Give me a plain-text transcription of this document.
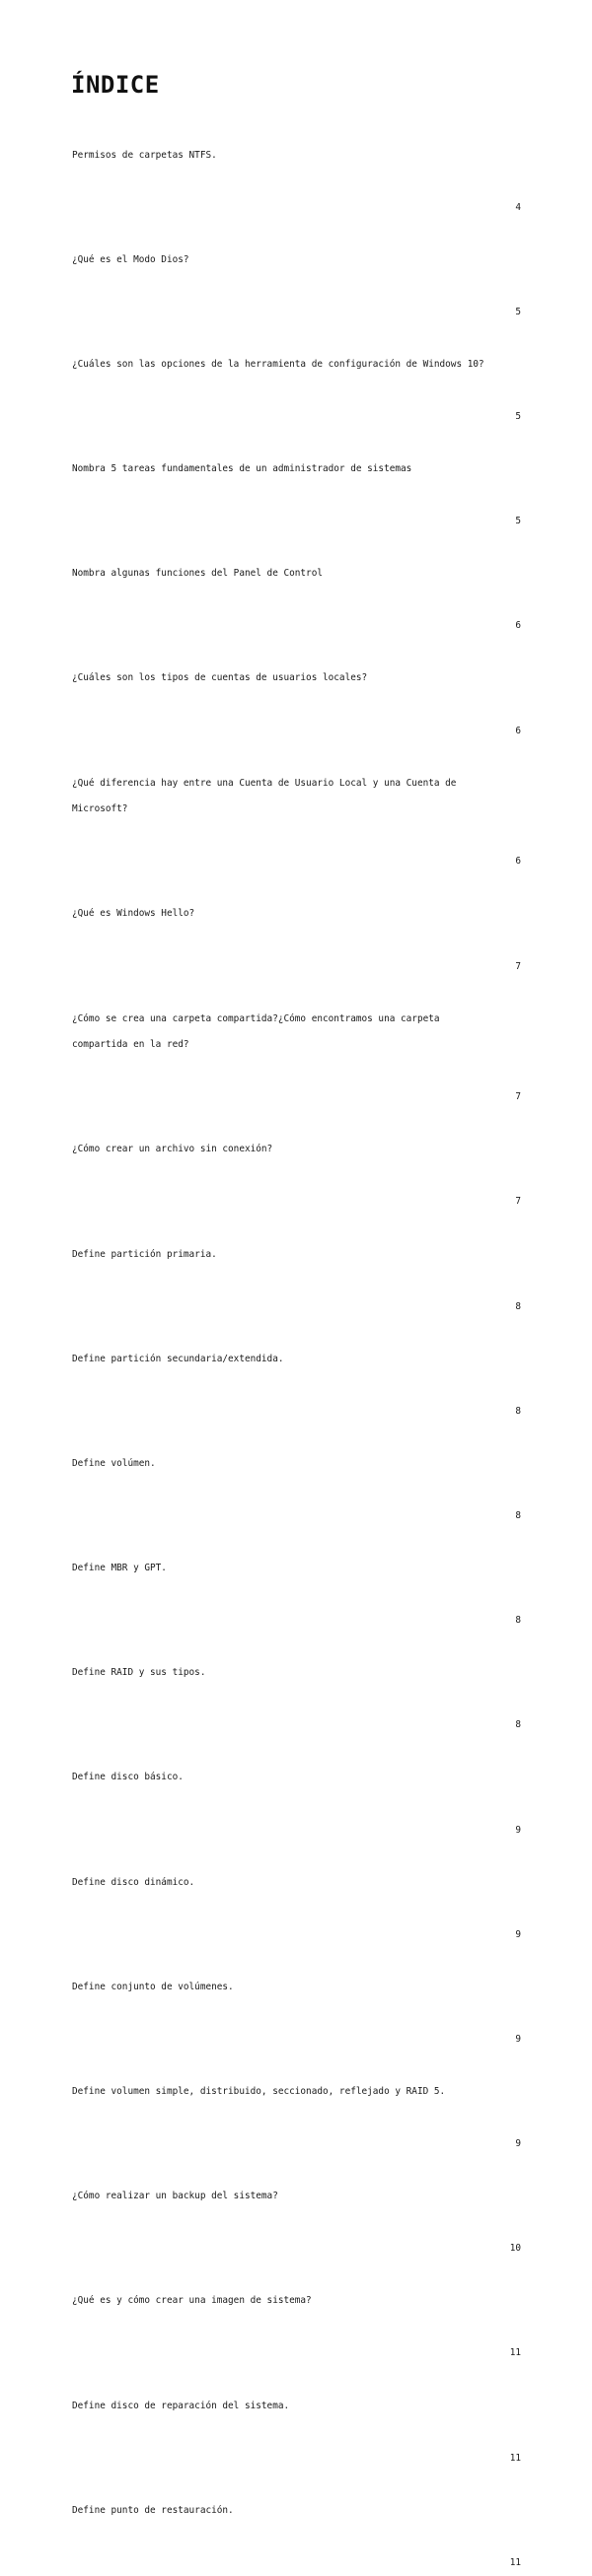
ÍNDICE

Permisos de carpetas NTFS.

4

¿Qué es el Modo Dios?

5

¿Cuáles son las opciones de la herramienta de configuración de Windows 10?

5

Nombra 5 tareas fundamentales de un administrador de sistemas

5

Nombra algunas funciones del Panel de Control

6

¿Cuáles son los tipos de cuentas de usuarios locales?

6

¿Qué diferencia hay entre una Cuenta de Usuario Local y una Cuenta de
Microsoft?

6

¿Qué es Windows Hello?

7

¿Cómo se crea una carpeta compartida?¿Cómo encontramos una carpeta
compartida en la red?

7

¿Cómo crear un archivo sin conexión?

7

Define partición primaria.

8

Define partición secundaria/extendida.

8

Define volúmen.

8

Define MBR y GPT.

8

Define RAID y sus tipos.

8

Define disco básico.

9

Define disco dinámico.

9

Define conjunto de volúmenes.

9

Define volumen simple, distribuido, seccionado, reflejado y RAID 5.

9

¿Cómo realizar un backup del sistema?

10

¿Qué es y cómo crear una imagen de sistema?

11

Define disco de reparación del sistema.

11

Define punto de restauración.

11
